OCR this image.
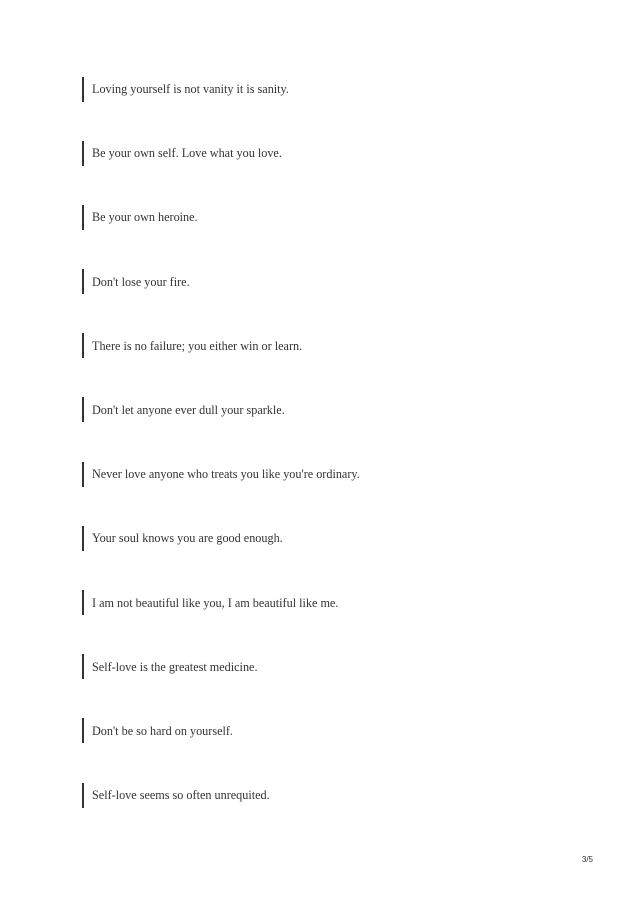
Loving yourself is not vanity it is sanity.
Be your own self. Love what you love.
Be your own heroine.
Don't lose your fire.
There is no failure; you either win or learn.
Don't let anyone ever dull your sparkle.
Never love anyone who treats you like you're ordinary.
Your soul knows you are good enough.
I am not beautiful like you, I am beautiful like me.
Self-love is the greatest medicine.
Don't be so hard on yourself.
Self-love seems so often unrequited.
3/5
